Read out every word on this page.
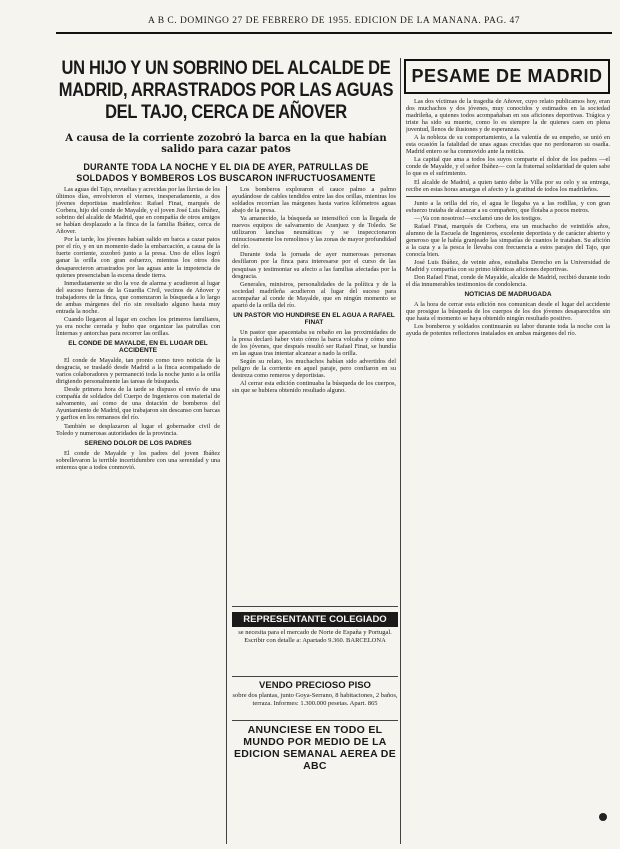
A B C. DOMINGO 27 DE FEBRERO DE 1955. EDICION DE LA MAÑANA. PAG. 47
UN HIJO Y UN SOBRINO DEL ALCALDE DE MADRID, ARRASTRADOS POR LAS AGUAS DEL TAJO, CERCA DE AÑOVER
A causa de la corriente zozobró la barca en la que habían salido para cazar patos
DURANTE TODA LA NOCHE Y EL DIA DE AYER, PATRULLAS DE SOLDADOS Y BOMBEROS LOS BUSCARON INFRUCTUOSAMENTE

Las aguas del Tajo, revueltas y acrecidas por las lluvias de los últimos días, envolvieron el viernes, inesperadamente, a dos jóvenes deportistas madrileños: Rafael Finat, marqués de Corbera, hijo del conde de Mayalde, y el joven José Luis Ibáñez, sobrino del alcalde de Madrid, que en compañía de otros amigos se habían desplazado a la finca de la familia Ibáñez, cerca de Añover.

Por la tarde, los jóvenes habían salido en barca a cazar patos por el río, y en un momento dado la embarcación, a causa de la fuerte corriente, zozobró junto a la presa. Uno de ellos logró ganar la orilla con gran esfuerzo, mientras los otros dos desaparecieron arrastrados por las aguas ante la impotencia de quienes presenciaban la escena desde tierra.

Inmediatamente se dio la voz de alarma y acudieron al lugar del suceso fuerzas de la Guardia Civil, vecinos de Añover y trabajadores de la finca, que comenzaron la búsqueda a lo largo de ambas márgenes del río sin resultado alguno hasta muy entrada la noche.

Cuando llegaron al lugar en coches los primeros familiares, ya era noche cerrada y hubo que organizar las patrullas con linternas y antorchas para recorrer las orillas.

EL CONDE DE MAYALDE, EN EL LUGAR DEL ACCIDENTE

El conde de Mayalde, tan pronto como tuvo noticia de la desgracia, se trasladó desde Madrid a la finca acompañado de varios colaboradores y permaneció toda la noche junto a la orilla dirigiendo personalmente las tareas de búsqueda.

Desde primera hora de la tarde se dispuso el envío de una compañía de soldados del Cuerpo de Ingenieros con material de salvamento, así como de una dotación de bomberos del Ayuntamiento de Madrid, que trabajaron sin descanso con barcas y garfios en los remansos del río.

También se desplazaron al lugar el gobernador civil de Toledo y numerosas autoridades de la provincia.

SERENO DOLOR DE LOS PADRES

El conde de Mayalde y los padres del joven Ibáñez sobrellevaron la terrible incertidumbre con una serenidad y una entereza que a todos conmovió.

Los bomberos exploraron el cauce palmo a palmo ayudándose de cables tendidos entre las dos orillas, mientras los soldados recorrían las márgenes hasta varios kilómetros aguas abajo de la presa.

Ya amanecido, la búsqueda se intensificó con la llegada de nuevos equipos de salvamento de Aranjuez y de Toledo. Se utilizaron lanchas neumáticas y se inspeccionaron minuciosamente los remolinos y las zonas de mayor profundidad del río.

Durante toda la jornada de ayer numerosas personas desfilaron por la finca para interesarse por el curso de las pesquisas y testimoniar su afecto a las familias afectadas por la desgracia.

Generales, ministros, personalidades de la política y de la sociedad madrileña acudieron al lugar del suceso para acompañar al conde de Mayalde, que en ningún momento se apartó de la orilla del río.

UN PASTOR VIO HUNDIRSE EN EL AGUA A RAFAEL FINAT

Un pastor que apacentaba su rebaño en las proximidades de la presa declaró haber visto cómo la barca volcaba y cómo uno de los jóvenes, que después resultó ser Rafael Finat, se hundía en las aguas tras intentar alcanzar a nado la orilla.

Según su relato, los muchachos habían sido advertidos del peligro de la corriente en aquel paraje, pero confiaron en su destreza como remeros y deportistas.

Al cerrar esta edición continuaba la búsqueda de los cuerpos, sin que se hubiera obtenido resultado alguno.

REPRESENTANTE COLEGIADO
se necesita para el mercado de Norte de España y Portugal. Escribir con detalle a: Apartado 9.360. BARCELONA
VENDO PRECIOSO PISO
sobre dos plantas, junto Goya-Serrano, 8 habitaciones, 2 baños, terraza. Informes: 1.300.000 pesetas. Apart. 865
ANUNCIESE EN TODO EL MUNDO POR MEDIO DE LA EDICION SEMANAL AEREA DE ABC
PESAME DE MADRID

Las dos víctimas de la tragedia de Añover, cuyo relato publicamos hoy, eran dos muchachos y dos jóvenes, muy conocidos y estimados en la sociedad madrileña, a quienes todos acompañaban en sus aficiones deportivas. Trágica y triste ha sido su muerte, como lo es siempre la de quienes caen en plena juventud, llenos de ilusiones y de esperanzas.

A la nobleza de su comportamiento, a la valentía de su empeño, se unió en esta ocasión la fatalidad de unas aguas crecidas que no perdonaron su osadía. Madrid entero se ha conmovido ante la noticia.

La capital que ama a todos los suyos comparte el dolor de los padres —el conde de Mayalde, y el señor Ibáñez— con la fraternal solidaridad de quien sabe lo que es el sufrimiento.

El alcalde de Madrid, a quien tanto debe la Villa por su celo y su entrega, recibe en estas horas amargas el afecto y la gratitud de todos los madrileños.

Junto a la orilla del río, el agua le llegaba ya a las rodillas, y con gran esfuerzo trataba de alcanzar a su compañero, que flotaba a pocos metros.

—¡Va con nosotros!—exclamó uno de los testigos.

Rafael Finat, marqués de Corbera, era un muchacho de veintidós años, alumno de la Escuela de Ingenieros, excelente deportista y de carácter abierto y generoso que le había granjeado las simpatías de cuantos le trataban. Su afición a la caza y a la pesca le llevaba con frecuencia a estos parajes del Tajo, que conocía bien.

José Luis Ibáñez, de veinte años, estudiaba Derecho en la Universidad de Madrid y compartía con su primo idénticas aficiones deportivas.

Don Rafael Finat, conde de Mayalde, alcalde de Madrid, recibió durante todo el día innumerables testimonios de condolencia.

NOTICIAS DE MADRUGADA

A la hora de cerrar esta edición nos comunican desde el lugar del accidente que prosigue la búsqueda de los cuerpos de los dos jóvenes desaparecidos sin que hasta el momento se haya obtenido ningún resultado positivo.

Los bomberos y soldados continuarán su labor durante toda la noche con la ayuda de potentes reflectores instalados en ambas márgenes del río.
